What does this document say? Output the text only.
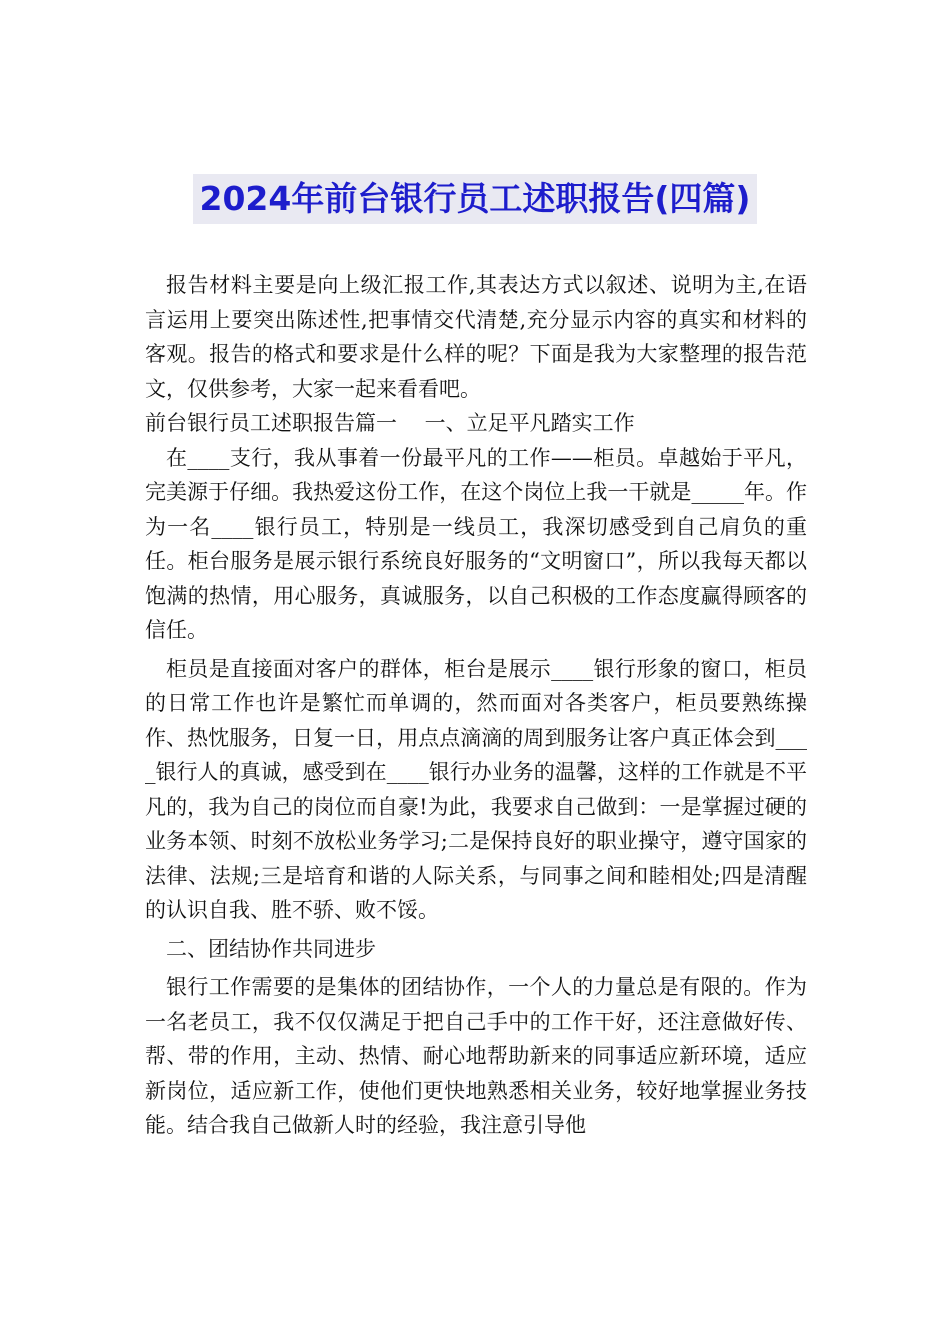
2024年前台银行员工述职报告(四篇)

报告材料主要是向上级汇报工作,其表达方式以叙述、说明为主,在语言运用上要突出陈述性,把事情交代清楚,充分显示内容的真实和材料的客观。报告的格式和要求是什么样的呢？下面是我为大家整理的报告范文，仅供参考，大家一起来看看吧。

前台银行员工述职报告篇一　 一、立足平凡踏实工作

在____支行，我从事着一份最平凡的工作——柜员。卓越始于平凡，完美源于仔细。我热爱这份工作，在这个岗位上我一干就是_____年。作为一名____银行员工，特别是一线员工，我深切感受到自己肩负的重任。柜台服务是展示银行系统良好服务的“文明窗口”，所以我每天都以饱满的热情，用心服务，真诚服务，以自己积极的工作态度赢得顾客的信任。

柜员是直接面对客户的群体，柜台是展示____银行形象的窗口，柜员的日常工作也许是繁忙而单调的，然而面对各类客户，柜员要熟练操作、热忱服务，日复一日，用点点滴滴的周到服务让客户真正体会到____银行人的真诚，感受到在____银行办业务的温馨，这样的工作就是不平凡的，我为自己的岗位而自豪!为此，我要求自己做到：一是掌握过硬的业务本领、时刻不放松业务学习;二是保持良好的职业操守，遵守国家的法律、法规;三是培育和谐的人际关系，与同事之间和睦相处;四是清醒的认识自我、胜不骄、败不馁。

二、团结协作共同进步

银行工作需要的是集体的团结协作，一个人的力量总是有限的。作为一名老员工，我不仅仅满足于把自己手中的工作干好，还注意做好传、帮、带的作用，主动、热情、耐心地帮助新来的同事适应新环境，适应新岗位，适应新工作，使他们更快地熟悉相关业务，较好地掌握业务技能。结合我自己做新人时的经验，我注意引导他
